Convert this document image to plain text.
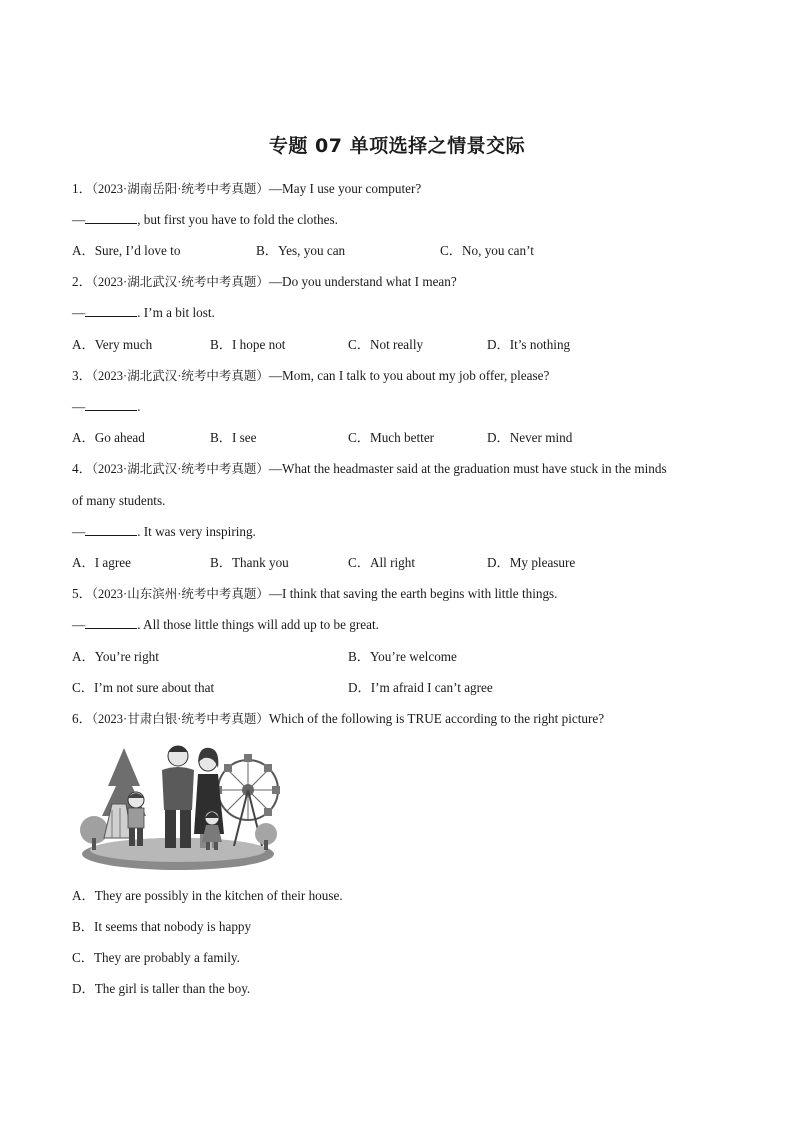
专题 07 单项选择之情景交际
1．（2023·湖南岳阳·统考中考真题）—May I use your computer?
—	, but first you have to fold the clothes.
A．Sure, I’d love to	B．Yes, you can	C．No, you can’t
2．（2023·湖北武汉·统考中考真题）—Do you understand what I mean?
—	. I’m a bit lost.
A．Very much	B．I hope not	C．Not really	D．It’s nothing
3．（2023·湖北武汉·统考中考真题）—Mom, can I talk to you about my job offer, please?
—	.
A．Go ahead	B．I see	C．Much better	D．Never mind
4．（2023·湖北武汉·统考中考真题）—What the headmaster said at the graduation must have stuck in the minds
of many students.
—	. It was very inspiring.
A．I agree	B．Thank you	C．All right	D．My pleasure
5．（2023·山东滨州·统考中考真题）—I think that saving the earth begins with little things.
—	. All those little things will add up to be great.
A．You’re right	B．You’re welcome
C．I’m not sure about that	D．I’m afraid I can’t agree
6．（2023·甘肃白银·统考中考真题）Which of the following is TRUE according to the right picture?
A．They are possibly in the kitchen of their house.
B．It seems that nobody is happy
C．They are probably a family.
D．The girl is taller than the boy.
